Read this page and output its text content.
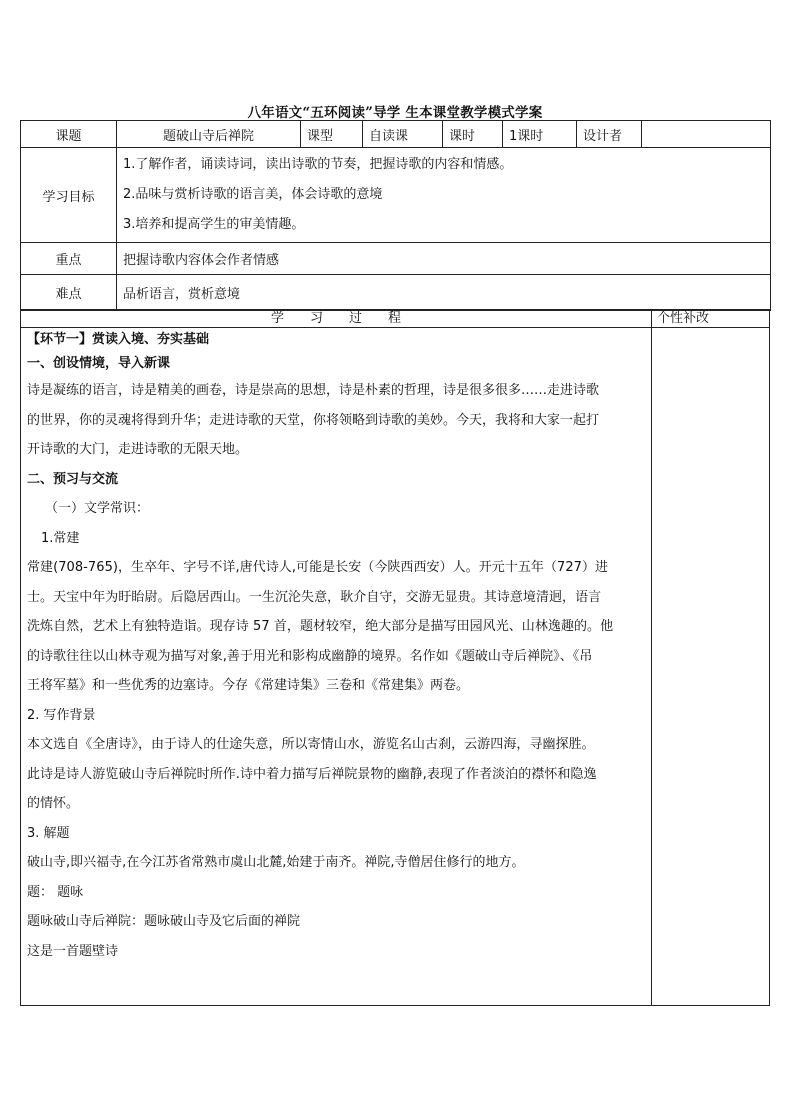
八年语文“五环阅读”导学 生本课堂教学模式学案
课题	题破山寺后禅院	课型	自读课	课时	1课时	设计者	
学习目标	1.了解作者，诵读诗词，读出诗歌的节奏，把握诗歌的内容和情感。
2.品味与赏析诗歌的语言美，体会诗歌的意境
3.培养和提高学生的审美情趣。						

重点	把握诗歌内容体会作者情感						
难点	品析语言，赏析意境						
学习过程	个性补改
【环节一】赏读入境、夯实基础
一、创设情境，导入新课
诗是凝练的语言，诗是精美的画卷，诗是崇高的思想，诗是朴素的哲理，诗是很多很多……走进诗歌
的世界，你的灵魂将得到升华；走进诗歌的天堂，你将领略到诗歌的美妙。今天，我将和大家一起打
开诗歌的大门，走进诗歌的无限天地。
二、预习与交流
（一）文学常识：
1.常建
常建(708-765)，生卒年、字号不详,唐代诗人,可能是长安（今陕西西安）人。开元十五年（727）进
士。天宝中年为盱眙尉。后隐居西山。一生沉沦失意，耿介自守，交游无显贵。其诗意境清迥，语言
洗炼自然，艺术上有独特造诣。现存诗 57 首，题材较窄，绝大部分是描写田园风光、山林逸趣的。他
的诗歌往往以山林寺观为描写对象,善于用光和影构成幽静的境界。名作如《题破山寺后禅院》、《吊
王将军墓》和一些优秀的边塞诗。今存《常建诗集》三卷和《常建集》两卷。
2. 写作背景
本文选自《全唐诗》，由于诗人的仕途失意，所以寄情山水，游览名山古刹，云游四海，寻幽探胜。
此诗是诗人游览破山寺后禅院时所作.诗中着力描写后禅院景物的幽静,表现了作者淡泊的襟怀和隐逸
的情怀。
3. 解题
破山寺,即兴福寺,在今江苏省常熟市虞山北麓,始建于南齐。禅院,寺僧居住修行的地方。
题： 题咏
题咏破山寺后禅院：题咏破山寺及它后面的禅院
这是一首题壁诗
